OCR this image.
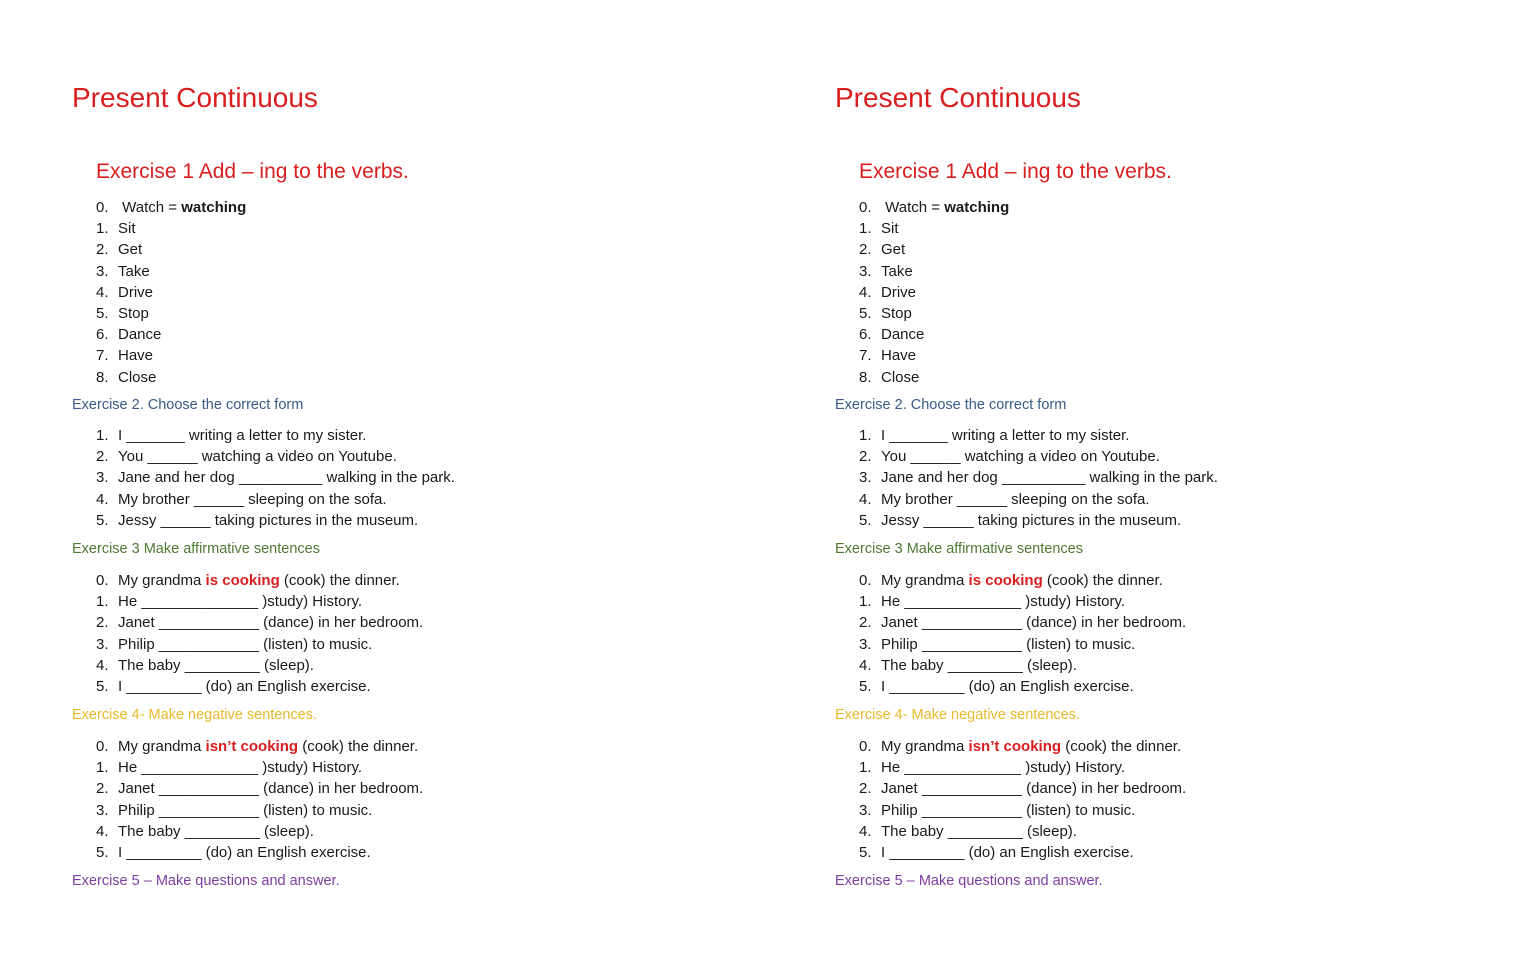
Present Continuous
Exercise 1 Add – ing to the verbs.
0. Watch = watching
1. Sit
2. Get
3. Take
4. Drive
5. Stop
6. Dance
7. Have
8. Close
Exercise 2. Choose the correct form
1. I _______ writing a letter to my sister.
2. You ______ watching a video on Youtube.
3. Jane and her dog __________ walking in the park.
4. My brother ______ sleeping on the sofa.
5. Jessy ______ taking pictures in the museum.
Exercise 3 Make affirmative sentences
0. My grandma is cooking (cook) the dinner.
1. He ______________ )study) History.
2. Janet ____________ (dance) in her bedroom.
3. Philip ____________ (listen) to music.
4. The baby _________ (sleep).
5. I _________ (do) an English exercise.
Exercise 4- Make negative sentences.
0. My grandma isn’t cooking (cook) the dinner.
1. He ______________ )study) History.
2. Janet ____________ (dance) in her bedroom.
3. Philip ____________ (listen) to music.
4. The baby _________ (sleep).
5. I _________ (do) an English exercise.
Exercise 5 – Make questions and answer.
Present Continuous
Exercise 1 Add – ing to the verbs.
0. Watch = watching
1. Sit
2. Get
3. Take
4. Drive
5. Stop
6. Dance
7. Have
8. Close
Exercise 2. Choose the correct form
1. I _______ writing a letter to my sister.
2. You ______ watching a video on Youtube.
3. Jane and her dog __________ walking in the park.
4. My brother ______ sleeping on the sofa.
5. Jessy ______ taking pictures in the museum.
Exercise 3 Make affirmative sentences
0. My grandma is cooking (cook) the dinner.
1. He ______________ )study) History.
2. Janet ____________ (dance) in her bedroom.
3. Philip ____________ (listen) to music.
4. The baby _________ (sleep).
5. I _________ (do) an English exercise.
Exercise 4- Make negative sentences.
0. My grandma isn’t cooking (cook) the dinner.
1. He ______________ )study) History.
2. Janet ____________ (dance) in her bedroom.
3. Philip ____________ (listen) to music.
4. The baby _________ (sleep).
5. I _________ (do) an English exercise.
Exercise 5 – Make questions and answer.
